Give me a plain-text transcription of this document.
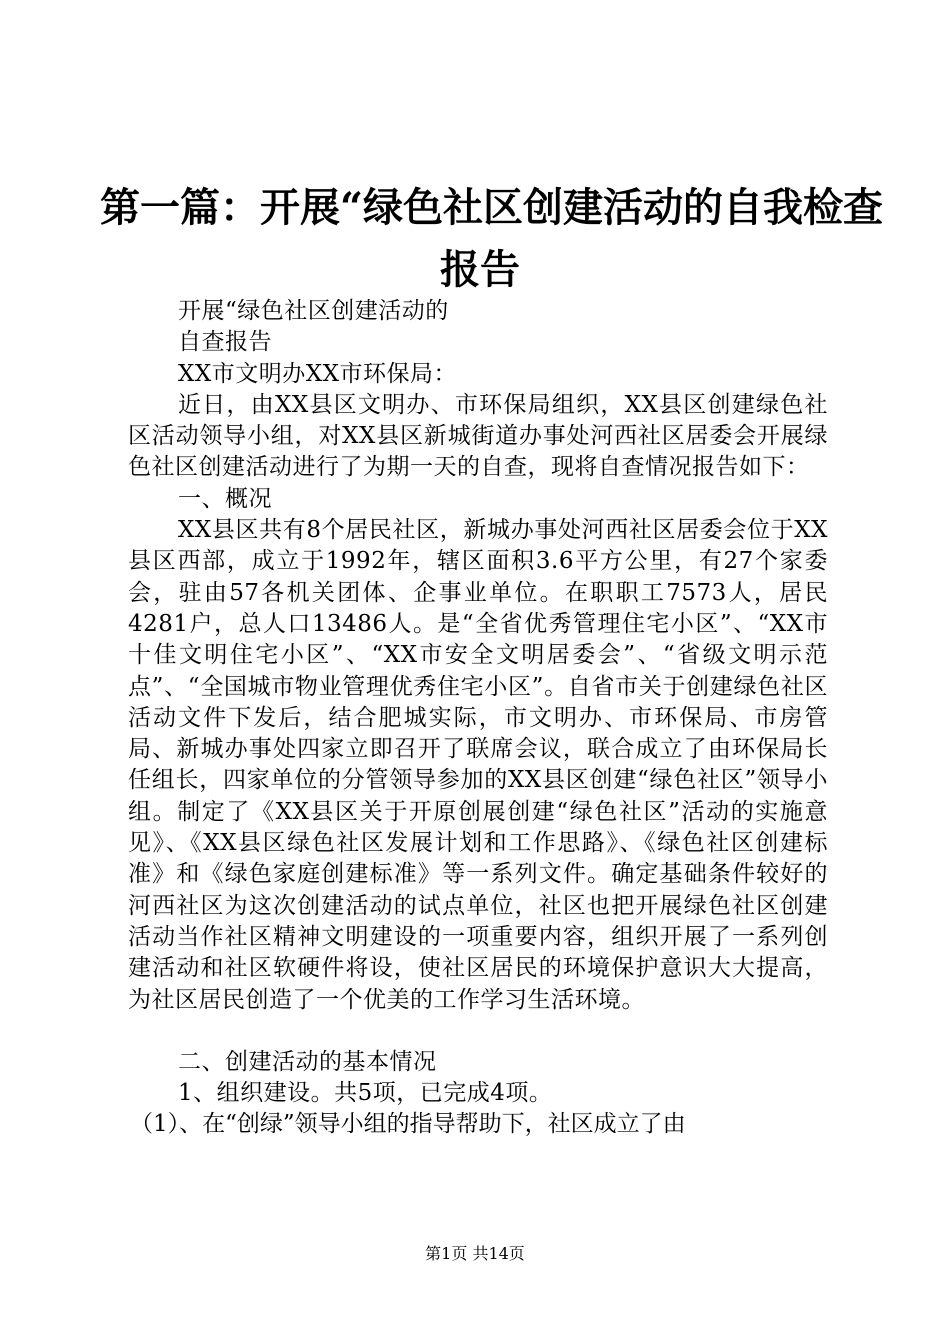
第一篇：开展“绿色社区创建活动的自我检查
报告

开展“绿色社区创建活动的

自查报告

XX市文明办XX市环保局：

近日，由XX县区文明办、市环保局组织，XX县区创建绿色社区活动领导小组，对XX县区新城街道办事处河西社区居委会开展绿色社区创建活动进行了为期一天的自查，现将自查情况报告如下：

一、概况

XX县区共有8个居民社区，新城办事处河西社区居委会位于XX县区西部，成立于1992年，辖区面积3.6平方公里，有27个家委会，驻由57各机关团体、企事业单位。在职职工7573人，居民4281户，总人口13486人。是“全省优秀管理住宅小区”、“XX市十佳文明住宅小区”、“XX市安全文明居委会”、“省级文明示范点”、“全国城市物业管理优秀住宅小区”。自省市关于创建绿色社区活动文件下发后，结合肥城实际，市文明办、市环保局、市房管局、新城办事处四家立即召开了联席会议，联合成立了由环保局长任组长，四家单位的分管领导参加的XX县区创建“绿色社区”领导小组。制定了《XX县区关于开原创展创建“绿色社区”活动的实施意见》、《XX县区绿色社区发展计划和工作思路》、《绿色社区创建标准》和《绿色家庭创建标准》等一系列文件。确定基础条件较好的河西社区为这次创建活动的试点单位，社区也把开展绿色社区创建活动当作社区精神文明建设的一项重要内容，组织开展了一系列创建活动和社区软硬件将设，使社区居民的环境保护意识大大提高，为社区居民创造了一个优美的工作学习生活环境。

二、创建活动的基本情况

1、组织建设。共5项，已完成4项。

（1）、在“创绿”领导小组的指导帮助下，社区成立了由

第1页 共14页
